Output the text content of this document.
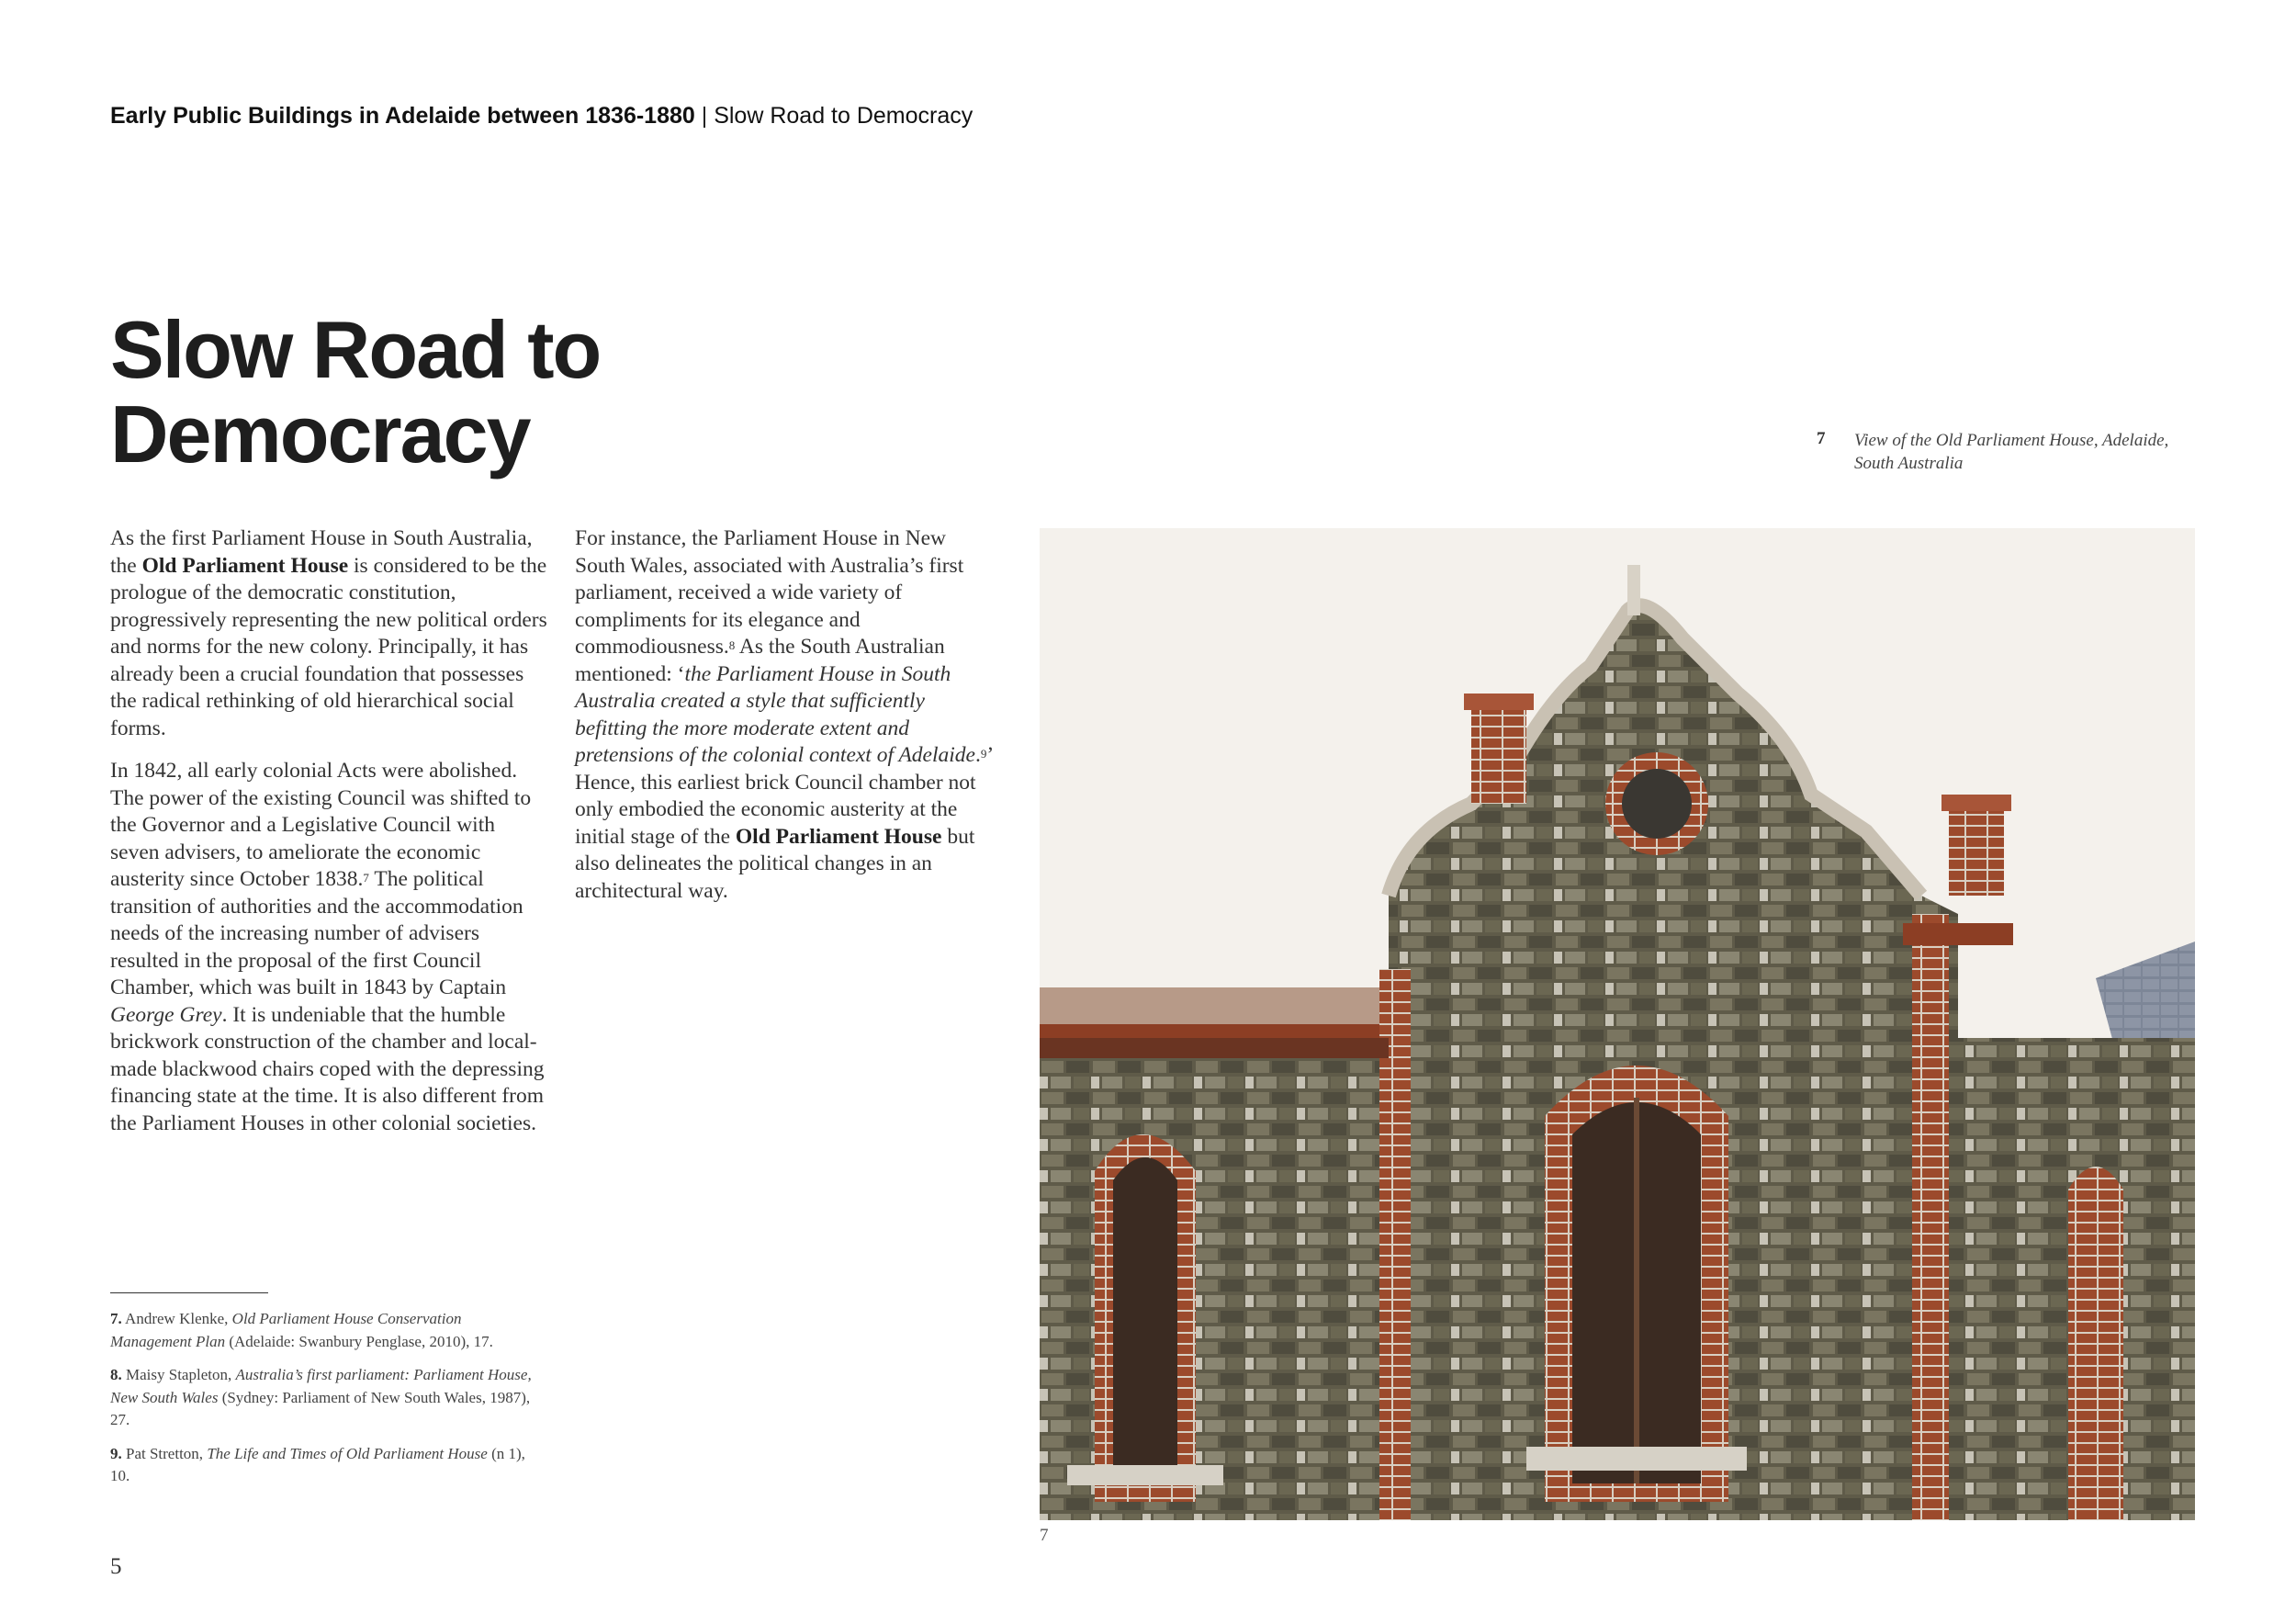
Early Public Buildings in Adelaide between 1836-1880 | Slow Road to Democracy
Slow Road to
Democracy

As the first Parliament House in South Australia, the Old Parliament House is considered to be the prologue of the democratic constitution, progressively representing the new political orders and norms for the new colony. Principally, it has already been a crucial foundation that possesses the radical rethinking of old hierarchical social forms.

In 1842, all early colonial Acts were abolished. The power of the existing Council was shifted to the Governor and a Legislative Council with seven advisers, to ameliorate the economic austerity since October 1838.$^7$ The political transition of authorities and the accommodation needs of the increasing number of advisers resulted in the proposal of the first Council Chamber, which was built in 1843 by Captain George Grey. It is undeniable that the humble brickwork construction of the chamber and local-made blackwood chairs coped with the depressing financing state at the time. It is also different from the Parliament Houses in other colonial societies.

For instance, the Parliament House in New South Wales, associated with Australia’s first parliament, received a wide variety of compliments for its elegance and commodiousness.$^8$ As the South Australian mentioned: ‘the Parliament House in South Australia created a style that sufficiently befitting the more moderate extent and pretensions of the colonial context of Adelaide.$^9$’ Hence, this earliest brick Council chamber not only embodied the economic austerity at the initial stage of the Old Parliament House but also delineates the political changes in an architectural way.

7. Andrew Klenke, Old Parliament House Conservation Management Plan (Adelaide: Swanbury Penglase, 2010), 17.

8. Maisy Stapleton, Australia’s first parliament: Parliament House, New South Wales (Sydney: Parliament of New South Wales, 1987), 27.

9. Pat Stretton, The Life and Times of Old Parliament House (n 1), 10.

5
7 View of the Old Parliament House, Adelaide, South Australia
7
